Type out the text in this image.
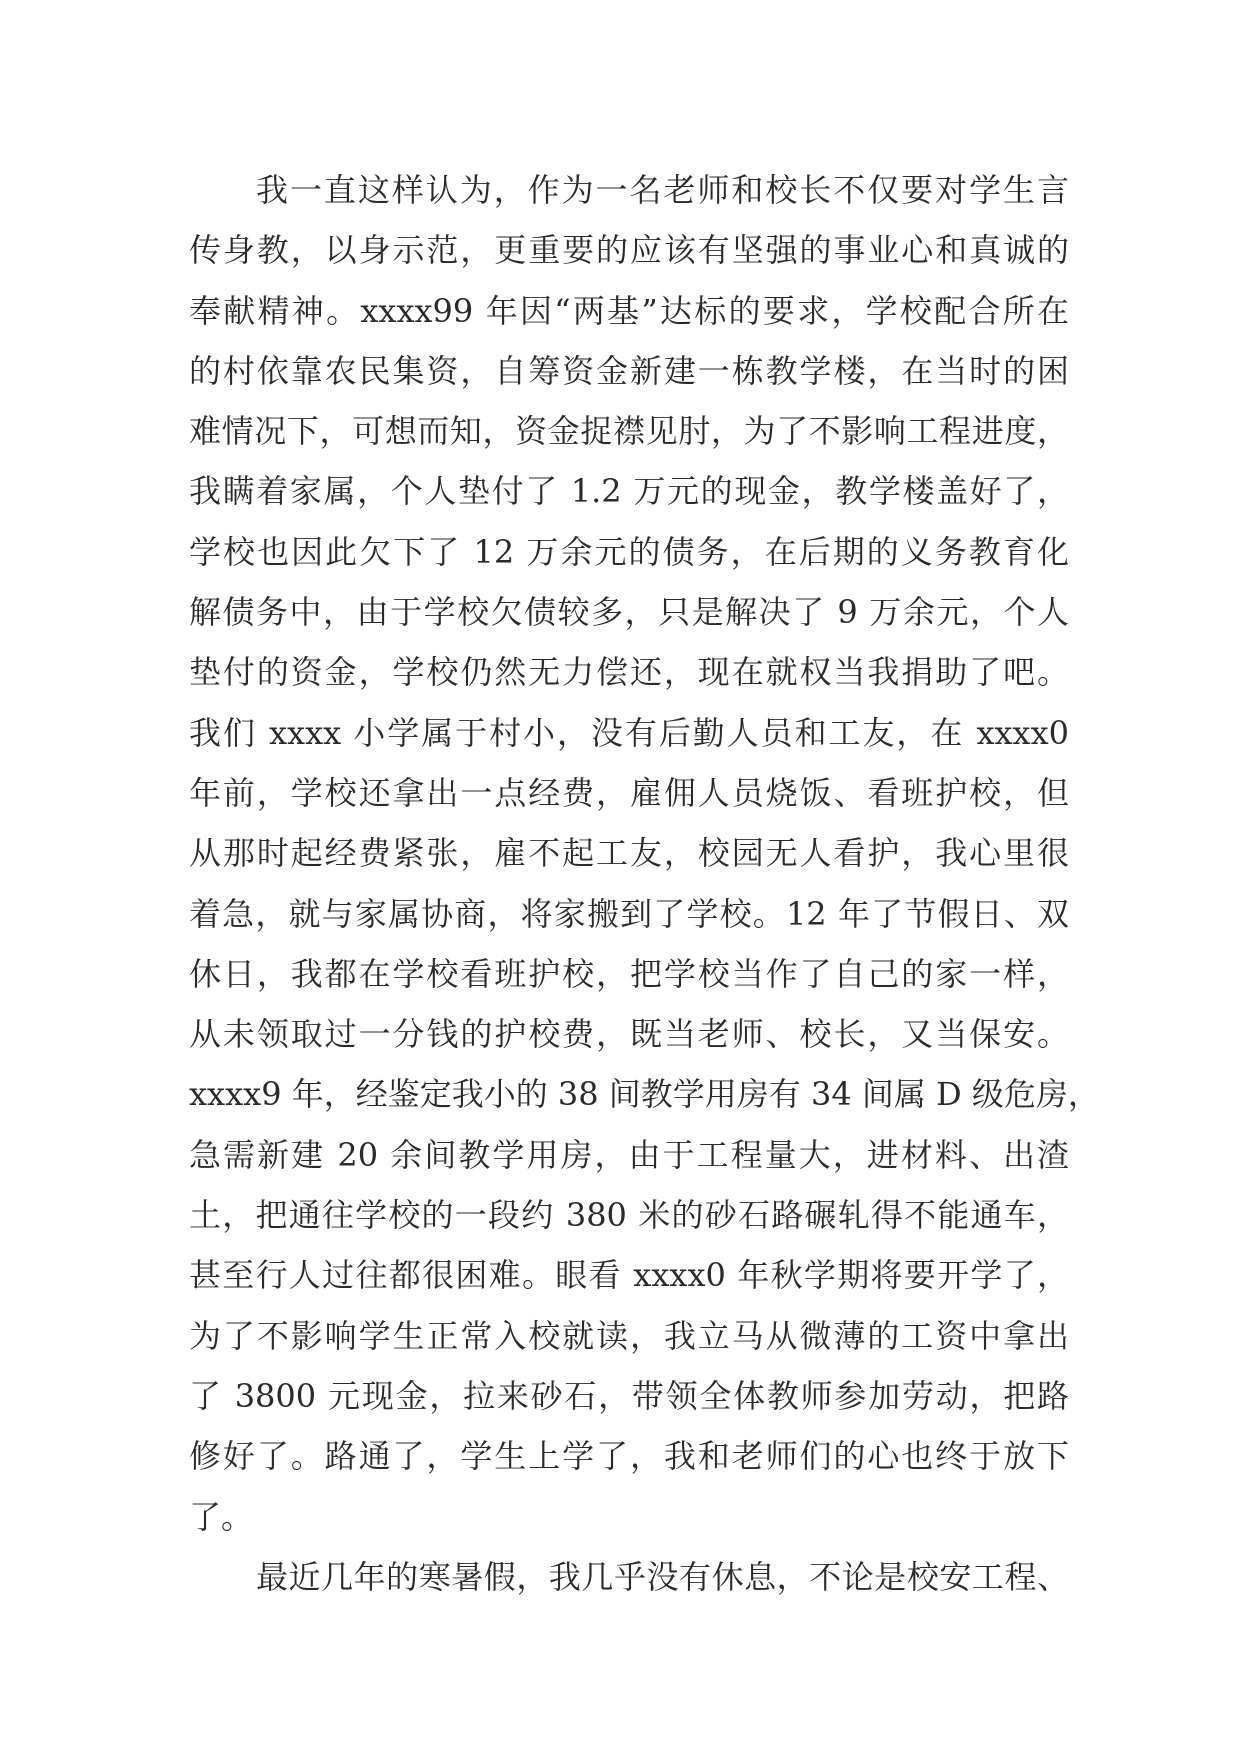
我一直这样认为，作为一名老师和校长不仅要对学生言
传身教，以身示范，更重要的应该有坚强的事业心和真诚的
奉献精神。xxxx99 年因“两基”达标的要求，学校配合所在
的村依靠农民集资，自筹资金新建一栋教学楼，在当时的困
难情况下，可想而知，资金捉襟见肘，为了不影响工程进度，
我瞒着家属，个人垫付了 1.2 万元的现金，教学楼盖好了，
学校也因此欠下了 12 万余元的债务，在后期的义务教育化
解债务中，由于学校欠债较多，只是解决了 9 万余元，个人
垫付的资金，学校仍然无力偿还，现在就权当我捐助了吧。
我们 xxxx 小学属于村小，没有后勤人员和工友，在 xxxx0
年前，学校还拿出一点经费，雇佣人员烧饭、看班护校，但
从那时起经费紧张，雇不起工友，校园无人看护，我心里很
着急，就与家属协商，将家搬到了学校。12 年了节假日、双
休日，我都在学校看班护校，把学校当作了自己的家一样，
从未领取过一分钱的护校费，既当老师、校长，又当保安。
xxxx9 年，经鉴定我小的 38 间教学用房有 34 间属 D 级危房，
急需新建 20 余间教学用房，由于工程量大，进材料、出渣
土，把通往学校的一段约 380 米的砂石路碾轧得不能通车，
甚至行人过往都很困难。眼看 xxxx0 年秋学期将要开学了，
为了不影响学生正常入校就读，我立马从微薄的工资中拿出
了 3800 元现金，拉来砂石，带领全体教师参加劳动，把路
修好了。路通了，学生上学了，我和老师们的心也终于放下
了。
最近几年的寒暑假，我几乎没有休息，不论是校安工程、
